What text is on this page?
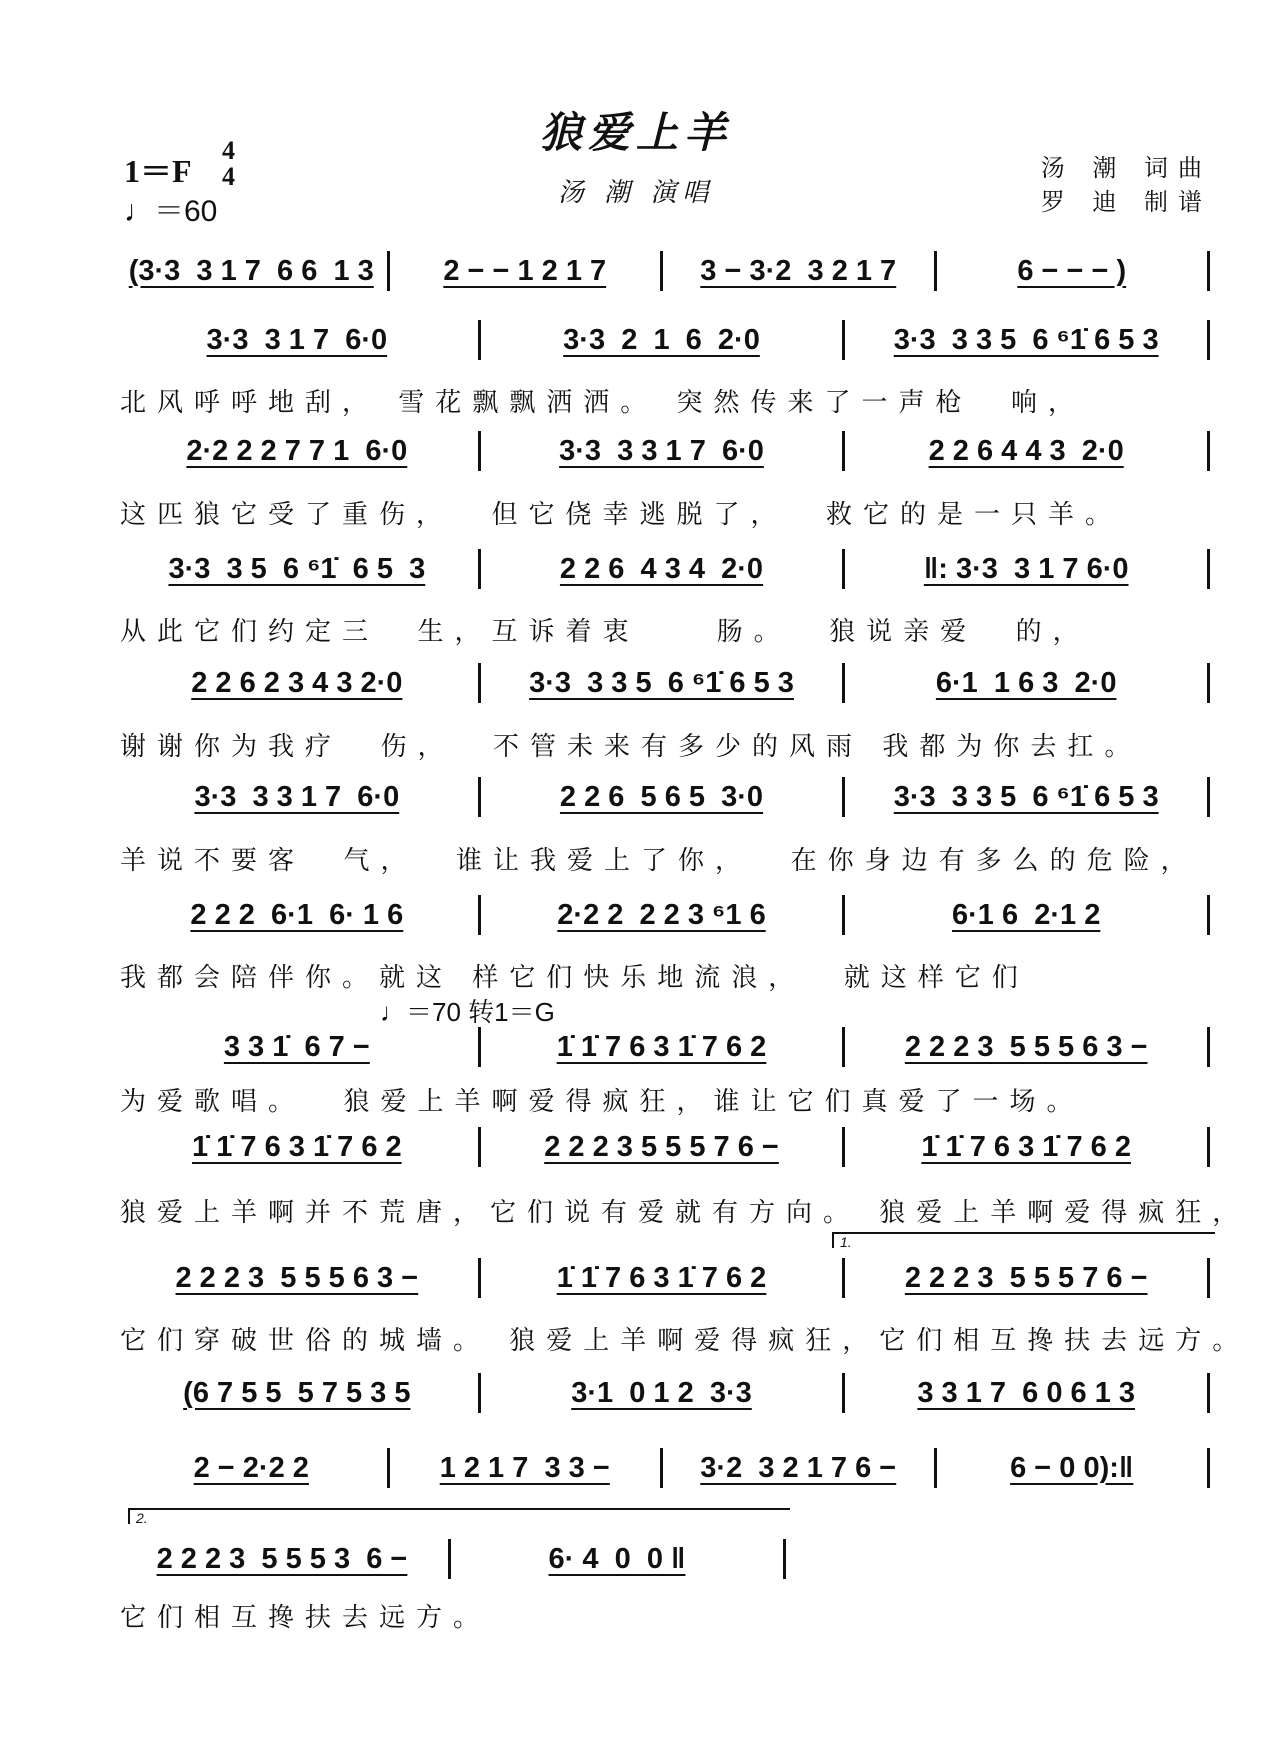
狼爱上羊
汤 潮 演唱
1＝F
4
4
♩＝60
汤 潮 词曲
罗 迪 制谱
♩＝70 转1＝G
1.
2.
(3·3  3 1 7  6 6  1 3	2 − − 1 2 1 7	3 − 3·2  3 2 1 7	6 − − − )
3·3  3 1 7  6·0	3·3  2  1  6  2·0	3·3  3 3 5  6 ⁶1̇ 6 5 3
北风呼呼地刮， 雪花飘飘洒洒。 突然传来了一声枪  响，
2·2 2 2 7 7 1  6·0	3·3  3 3 1 7  6·0	2 2 6 4 4 3  2·0
这匹狼它受了重伤，  但它侥幸逃脱了，  救它的是一只羊。
3·3  3 5  6 ⁶1̇  6 5  3	2 2 6  4 3 4  2·0	‖: 3·3  3 1 7 6·0
从此它们约定三  生，互诉着衷    肠。  狼说亲爱  的，
2 2 6 2 3 4 3 2·0	3·3  3 3 5  6 ⁶1̇ 6 5 3	6·1  1 6 3  2·0
谢谢你为我疗  伤，  不管未来有多少的风雨 我都为你去扛。
3·3  3 3 1 7  6·0	2 2 6  5 6 5  3·0	3·3  3 3 5  6 ⁶1̇ 6 5 3
羊说不要客  气，  谁让我爱上了你，  在你身边有多么的危险，
2 2 2  6·1  6· 1 6	2·2 2  2 2 3 ⁶1 6	6·1 6  2·1 2
我都会陪伴你。就这 样它们快乐地流浪，  就这样它们
3 3 1̇  6 7 −	1̇ 1̇ 7 6 3 1̇ 7 6 2	2 2 2 3  5 5 5 6 3 −
为爱歌唱。  狼爱上羊啊爱得疯狂，谁让它们真爱了一场。
1̇ 1̇ 7 6 3 1̇ 7 6 2	2 2 2 3 5 5 5 7 6 −	1̇ 1̇ 7 6 3 1̇ 7 6 2
狼爱上羊啊并不荒唐，它们说有爱就有方向。 狼爱上羊啊爱得疯狂，
2 2 2 3  5 5 5 6 3 −	1̇ 1̇ 7 6 3 1̇ 7 6 2	2 2 2 3  5 5 5 7 6 −
它们穿破世俗的城墙。 狼爱上羊啊爱得疯狂，它们相互搀扶去远方。
(6 7 5 5  5 7 5 3 5	3·1  0 1 2  3·3	3 3 1 7  6 0 6 1 3
2 − 2·2 2	1 2 1 7  3 3 −	3·2  3 2 1 7 6 −	6 − 0 0):‖
2 2 2 3  5 5 5 3  6 −	6· 4  0  0 ‖
它们相互搀扶去远方。
